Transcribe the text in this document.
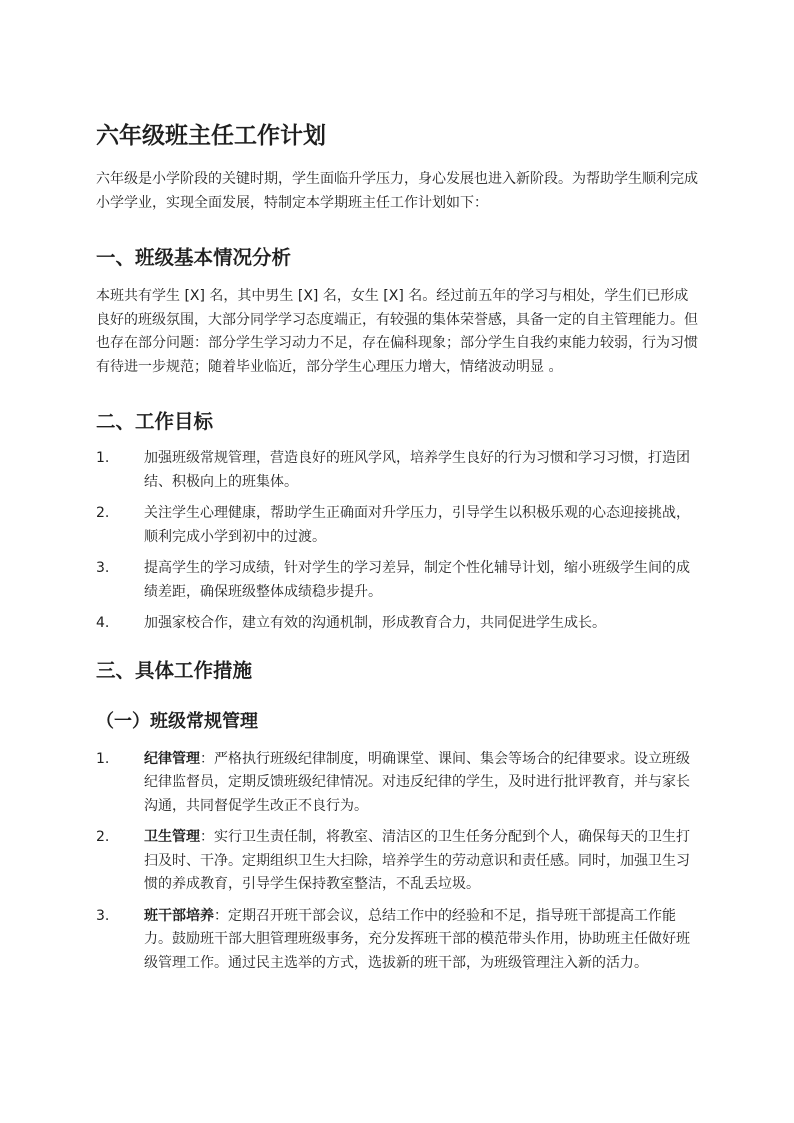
六年级班主任工作计划

六年级是小学阶段的关键时期，学生面临升学压力，身心发展也进入新阶段。为帮助学生顺利完成小学学业，实现全面发展，特制定本学期班主任工作计划如下：

一、班级基本情况分析

本班共有学生 [X] 名，其中男生 [X] 名，女生 [X] 名。经过前五年的学习与相处，学生们已形成良好的班级氛围，大部分同学学习态度端正，有较强的集体荣誉感，具备一定的自主管理能力。但也存在部分问题：部分学生学习动力不足，存在偏科现象；部分学生自我约束能力较弱，行为习惯有待进一步规范；随着毕业临近，部分学生心理压力增大，情绪波动明显 。

二、工作目标
1. 加强班级常规管理，营造良好的班风学风，培养学生良好的行为习惯和学习习惯，打造团结、积极向上的班集体。
2. 关注学生心理健康，帮助学生正确面对升学压力，引导学生以积极乐观的心态迎接挑战，顺利完成小学到初中的过渡。
3. 提高学生的学习成绩，针对学生的学习差异，制定个性化辅导计划，缩小班级学生间的成绩差距，确保班级整体成绩稳步提升。
4. 加强家校合作，建立有效的沟通机制，形成教育合力，共同促进学生成长。
三、具体工作措施
（一）班级常规管理
1. 纪律管理：严格执行班级纪律制度，明确课堂、课间、集会等场合的纪律要求。设立班级纪律监督员，定期反馈班级纪律情况。对违反纪律的学生，及时进行批评教育，并与家长沟通，共同督促学生改正不良行为。
2. 卫生管理：实行卫生责任制，将教室、清洁区的卫生任务分配到个人，确保每天的卫生打扫及时、干净。定期组织卫生大扫除，培养学生的劳动意识和责任感。同时，加强卫生习惯的养成教育，引导学生保持教室整洁，不乱丢垃圾。
3. 班干部培养：定期召开班干部会议，总结工作中的经验和不足，指导班干部提高工作能力。鼓励班干部大胆管理班级事务，充分发挥班干部的模范带头作用，协助班主任做好班级管理工作。通过民主选举的方式，选拔新的班干部，为班级管理注入新的活力。
